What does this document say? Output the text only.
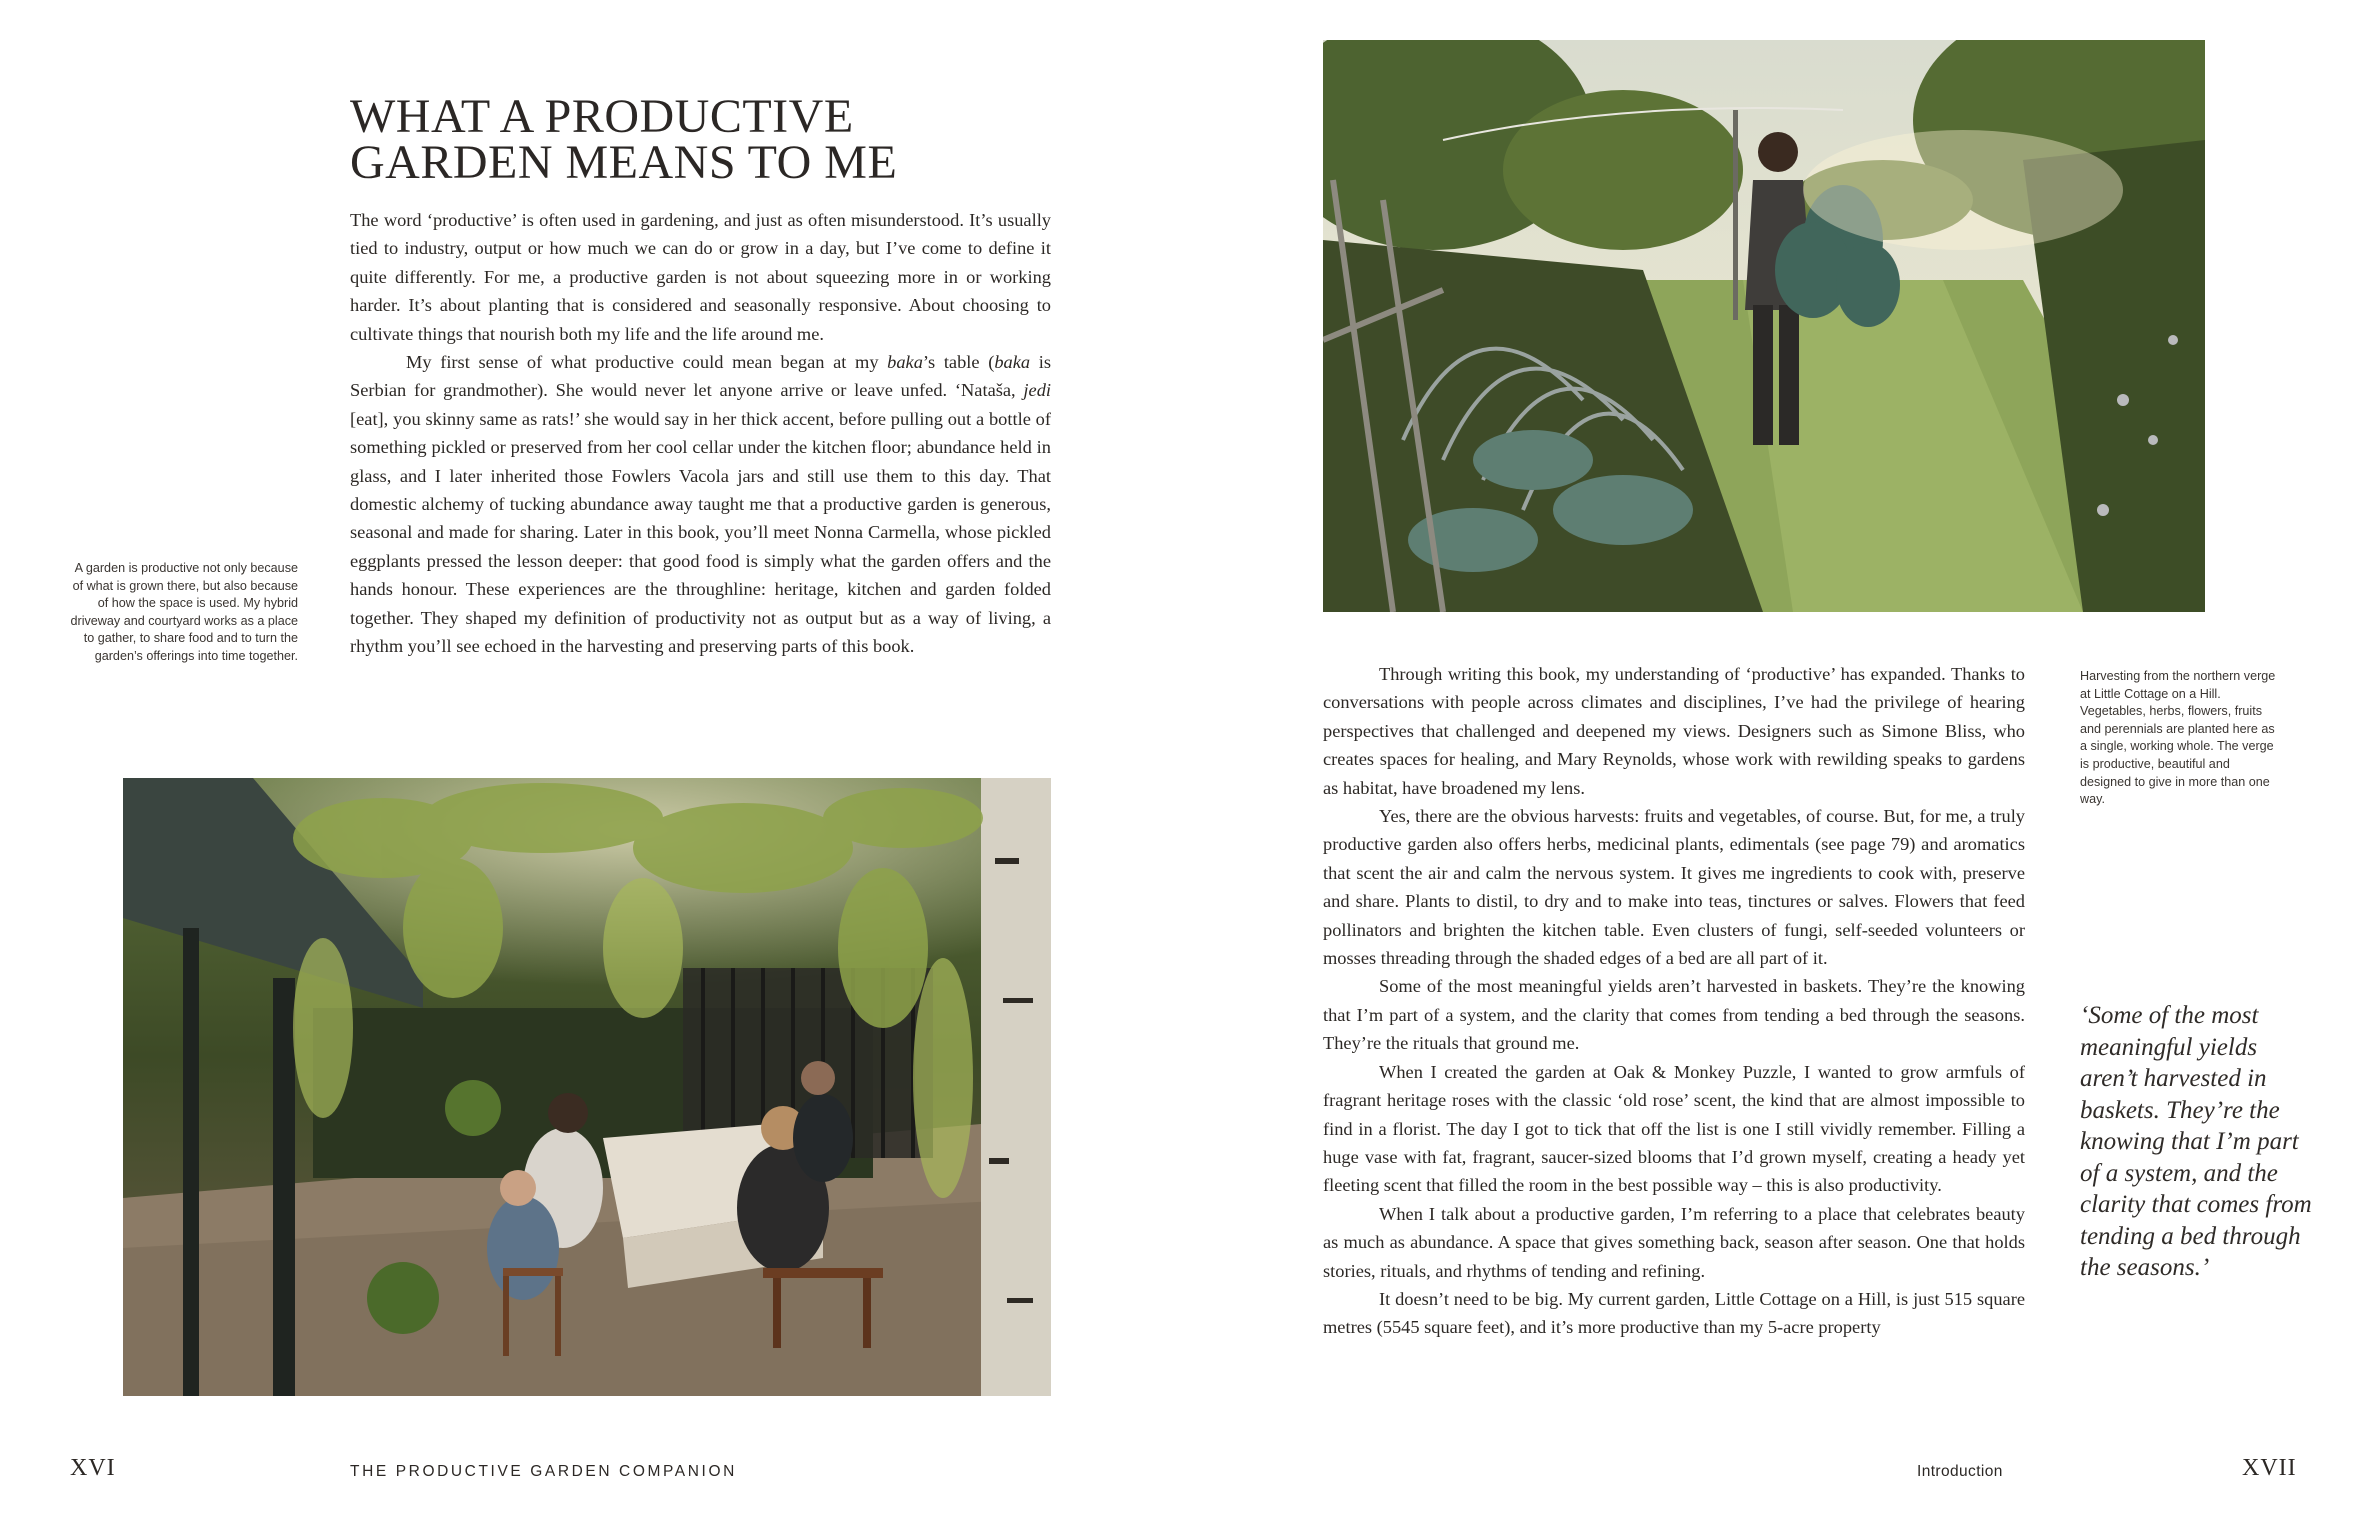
WHAT A PRODUCTIVE
GARDEN MEANS TO ME

The word ‘productive’ is often used in gardening, and just as often misunderstood. It’s usually tied to industry, output or how much we can do or grow in a day, but I’ve come to define it quite differently. For me, a productive garden is not about squeezing more in or working harder. It’s about planting that is considered and seasonally responsive. About choosing to cultivate things that nourish both my life and the life around me.

My first sense of what productive could mean began at my baka’s table (baka is Serbian for grandmother). She would never let anyone arrive or leave unfed. ‘Nataša, jedi [eat], you skinny same as rats!’ she would say in her thick accent, before pulling out a bottle of something pickled or preserved from her cool cellar under the kitchen floor; abundance held in glass, and I later inherited those Fowlers Vacola jars and still use them to this day. That domestic alchemy of tucking abundance away taught me that a productive garden is generous, seasonal and made for sharing. Later in this book, you’ll meet Nonna Carmella, whose pickled eggplants pressed the lesson deeper: that good food is simply what the garden offers and the hands honour. These experiences are the throughline: heritage, kitchen and garden folded together. They shaped my definition of productivity not as output but as a way of living, a rhythm you’ll see echoed in the harvesting and preserving parts of this book.

A garden is productive not only because of what is grown there, but also because of how the space is used. My hybrid driveway and courtyard works as a place to gather, to share food and to turn the garden’s offerings into time together.
XVI	THE PRODUCTIVE GARDEN COMPANION
Harvesting from the northern verge at Little Cottage on a Hill. Vegetables, herbs, flowers, fruits and perennials are planted here as a single, working whole. The verge is productive, beautiful and designed to give in more than one way.

Through writing this book, my understanding of ‘productive’ has expanded. Thanks to conversations with people across climates and disciplines, I’ve had the privilege of hearing perspectives that challenged and deepened my views. Designers such as Simone Bliss, who creates spaces for healing, and Mary Reynolds, whose work with rewilding speaks to gardens as habitat, have broadened my lens.

Yes, there are the obvious harvests: fruits and vegetables, of course. But, for me, a truly productive garden also offers herbs, medicinal plants, edimentals (see page 79) and aromatics that scent the air and calm the nervous system. It gives me ingredients to cook with, preserve and share. Plants to distil, to dry and to make into teas, tinctures or salves. Flowers that feed pollinators and brighten the kitchen table. Even clusters of fungi, self-seeded volunteers or mosses threading through the shaded edges of a bed are all part of it.

Some of the most meaningful yields aren’t harvested in baskets. They’re the knowing that I’m part of a system, and the clarity that comes from tending a bed through the seasons. They’re the rituals that ground me.

When I created the garden at Oak & Monkey Puzzle, I wanted to grow armfuls of fragrant heritage roses with the classic ‘old rose’ scent, the kind that are almost impossible to find in a florist. The day I got to tick that off the list is one I still vividly remember. Filling a huge vase with fat, fragrant, saucer-sized blooms that I’d grown myself, creating a heady yet fleeting scent that filled the room in the best possible way – this is also productivity.

When I talk about a productive garden, I’m referring to a place that celebrates beauty as much as abundance. A space that gives something back, season after season. One that holds stories, rituals, and rhythms of tending and refining.

It doesn’t need to be big. My current garden, Little Cottage on a Hill, is just 515 square metres (5545 square feet), and it’s more productive than my 5-acre property

‘Some of the most meaningful yields aren’t harvested in baskets. They’re the knowing that I’m part of a system, and the clarity that comes from tending a bed through the seasons.’
Introduction	XVII
